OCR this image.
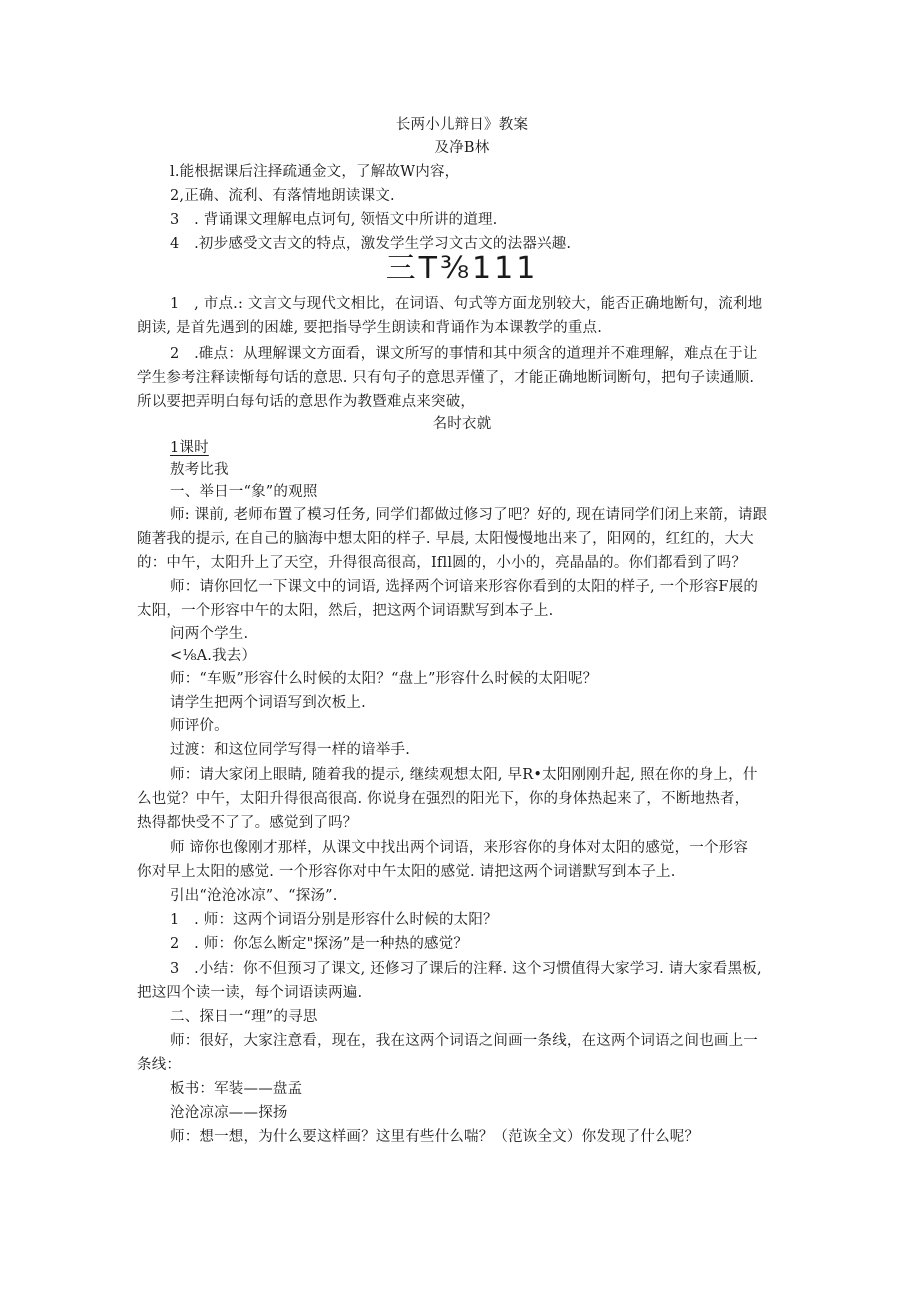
长两小儿辩日》教案
及净B林
l.能根据课后注择疏通金文，了解故W内容，
2,正确、流利、有落情地朗读课文.
3　. 背诵课文理解电点诃句, 领悟文中所讲的道理.
4　.初步感受文吉文的特点，激发学生学习文古文的法器兴趣.
三T⅜111
1　, 市点.: 文言文与现代文相比，在词语、句式等方面龙别较大，能否正确地断句，流利地
朗读, 是首先遇到的困雄, 要把指导学生朗读和背诵作为本课教学的重点.
2　.碓点：从理解课文方面看，课文所写的事情和其中须含的道理并不难理解，难点在于让
学生参考注释读惭每句话的意思. 只有句子的意思弄懂了，才能正确地断词断句，把句子读通顺.
所以要把弄明白每句话的意思作为教暨难点来突破，
名时衣就
1课时
敖考比我
一、举日一“象”的观照
师: 课前, 老师布置了模习任务, 同学们都做过修习了吧？好的, 现在请同学们闭上来箭，请跟
随著我的提示, 在自己的脑海中想太阳的样子. 早晨, 太阳慢慢地出来了，阳网的，红红的，大大
的：中午，太阳升上了天空，升得很高很高，Ifll圆的，小小的，亮晶晶的。你们都看到了吗？
师：请你回忆一下课文中的词语, 选择两个诃谙来形容你看到的太阳的样子, 一个形容F展的
太阳，一个形容中午的太阳，然后，把这两个词语默写到本子上.
问两个学生.
<⅛A.我去）
师：“车贩”形容什么时候的太阳？“盘上”形容什么时候的太阳呢？
请学生把两个词语写到次板上.
师评价。
过渡：和这位同学写得一样的谙举手.
师：请大家闭上眼睛, 随着我的提示, 继续观想太阳, 早R•太阳刚刚升起, 照在你的身上，什
么也觉？中午，太阳升得很高很高. 你说身在强烈的阳光下，你的身体热起来了，不断地热者，
热得都快受不了了。感觉到了吗？
师 谛你也像刚才那样，从课文中找出两个词语，来形容你的身体对太阳的感觉，一个形容
你对早上太阳的感觉. 一个形容你对中午太阳的感觉. 请把这两个词谱默写到本子上.
引出“沧沧冰凉”、“探汤”.
1　. 师：这两个词语分别是形容什么时候的太阳？
2　. 师：你怎么断定"探汤”是一种热的感觉？
3　.小结：你不但预习了课文, 还修习了课后的注释. 这个习惯值得大家学习. 请大家看黑板,
把这四个读一读，每个词语读两遍.
二、探日一“理”的寻思
师：很好，大家注意看，现在，我在这两个词语之间画一条线，在这两个词语之间也画上一
条线：
板书：军装——盘孟
沧沧凉凉——探扬
师：想一想，为什么要这样画？这里有些什么喘？（范诙全文）你发现了什么呢？
